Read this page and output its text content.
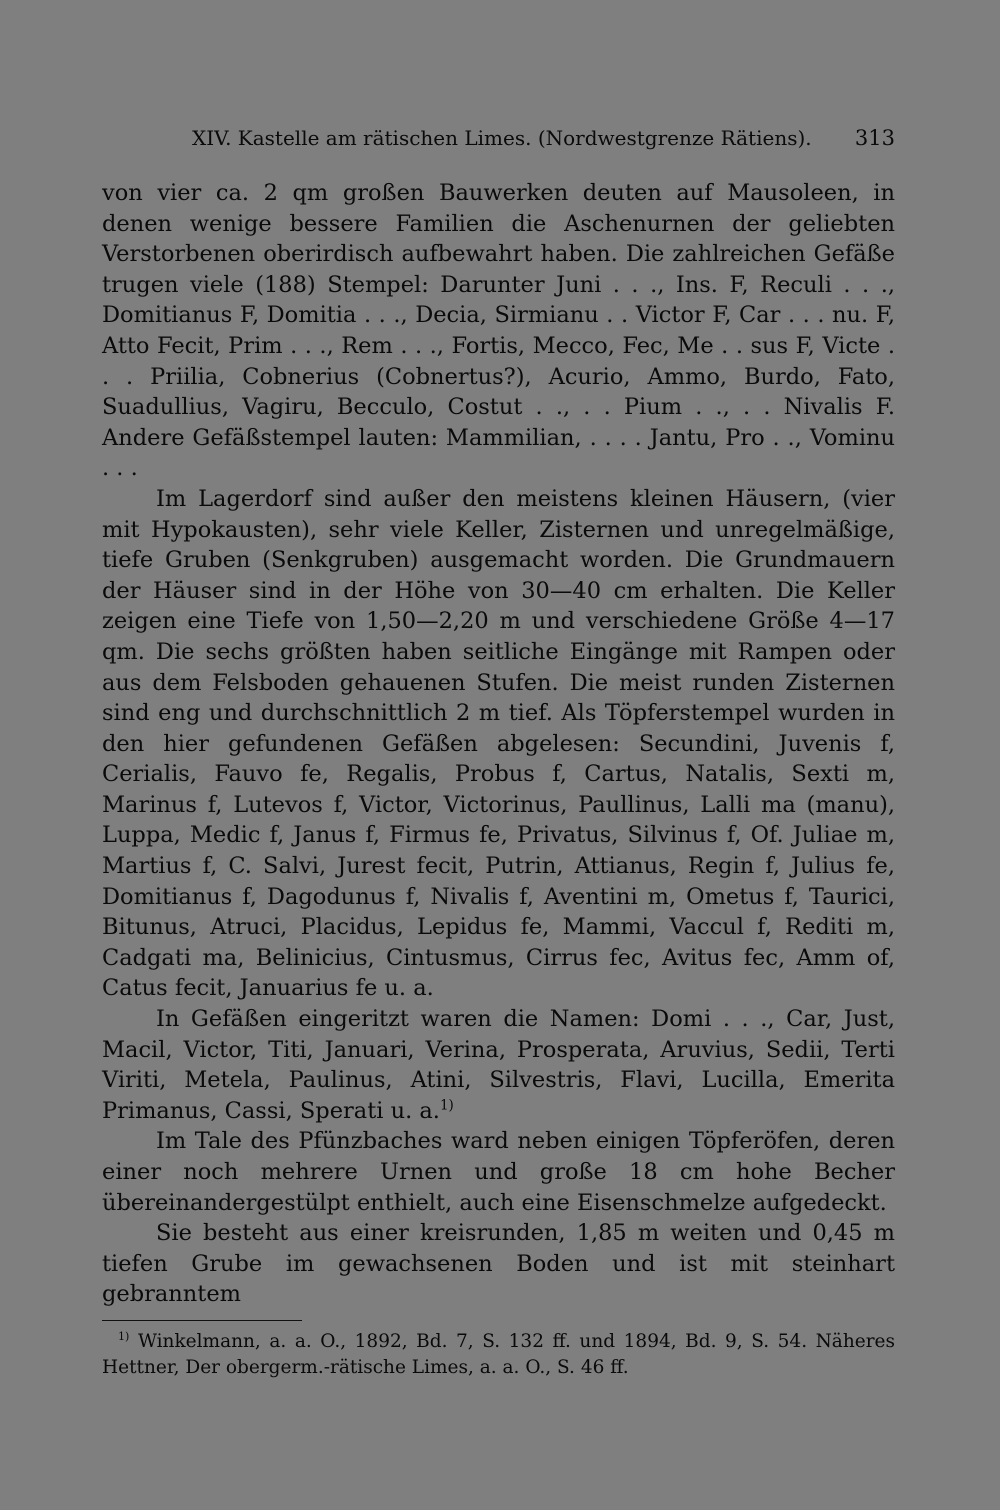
XIV. Kastelle am rätischen Limes. (Nordwestgrenze Rätiens). 313

von vier ca. 2 qm großen Bauwerken deuten auf Mausoleen, in denen wenige bessere Familien die Aschenurnen der geliebten Verstorbenen oberirdisch aufbewahrt haben. Die zahlreichen Gefäße trugen viele (188) Stempel: Darunter Juni . . ., Ins. F, Reculi . . ., Domitianus F, Domitia . . ., Decia, Sirmianu . . Victor F, Car . . . nu. F, Atto Fecit, Prim . . ., Rem . . ., Fortis, Mecco, Fec, Me . . sus F, Victe . . . Priilia, Cobnerius (Cobnertus?), Acurio, Ammo, Burdo, Fato, Suadullius, Vagiru, Becculo, Costut . ., . . Pium . ., . . Nivalis F. Andere Gefäßstempel lauten: Mammilian, . . . . Jantu, Pro . ., Vominu . . .

Im Lagerdorf sind außer den meistens kleinen Häusern, (vier mit Hypokausten), sehr viele Keller, Zisternen und unregelmäßige, tiefe Gruben (Senkgruben) ausgemacht worden. Die Grundmauern der Häuser sind in der Höhe von 30—40 cm erhalten. Die Keller zeigen eine Tiefe von 1,50—2,20 m und verschiedene Größe 4—17 qm. Die sechs größten haben seitliche Eingänge mit Rampen oder aus dem Felsboden gehauenen Stufen. Die meist runden Zisternen sind eng und durchschnittlich 2 m tief. Als Töpferstempel wurden in den hier gefundenen Gefäßen abgelesen: Secundini, Juvenis f, Cerialis, Fauvo fe, Regalis, Probus f, Cartus, Natalis, Sexti m, Marinus f, Lutevos f, Victor, Victorinus, Paullinus, Lalli ma (manu), Luppa, Medic f, Janus f, Firmus fe, Privatus, Silvinus f, Of. Juliae m, Martius f, C. Salvi, Jurest fecit, Putrin, Attianus, Regin f, Julius fe, Domitianus f, Dagodunus f, Nivalis f, Aventini m, Ometus f, Taurici, Bitunus, Atruci, Placidus, Lepidus fe, Mammi, Vaccul f, Rediti m, Cadgati ma, Belinicius, Cintusmus, Cirrus fec, Avitus fec, Amm of, Catus fecit, Januarius fe u. a.

In Gefäßen eingeritzt waren die Namen: Domi . . ., Car, Just, Macil, Victor, Titi, Januari, Verina, Prosperata, Aruvius, Sedii, Terti Viriti, Metela, Paulinus, Atini, Silvestris, Flavi, Lucilla, Emerita Primanus, Cassi, Sperati u. a.$^{1)}$

Im Tale des Pfünzbaches ward neben einigen Töpferöfen, deren einer noch mehrere Urnen und große 18 cm hohe Becher übereinandergestülpt enthielt, auch eine Eisenschmelze aufgedeckt.

Sie besteht aus einer kreisrunden, 1,85 m weiten und 0,45 m tiefen Grube im gewachsenen Boden und ist mit steinhart gebranntem

$^{1)}$ Winkelmann, a. a. O., 1892, Bd. 7, S. 132 ff. und 1894, Bd. 9, S. 54. Näheres Hettner, Der obergerm.-rätische Limes, a. a. O., S. 46 ff.
